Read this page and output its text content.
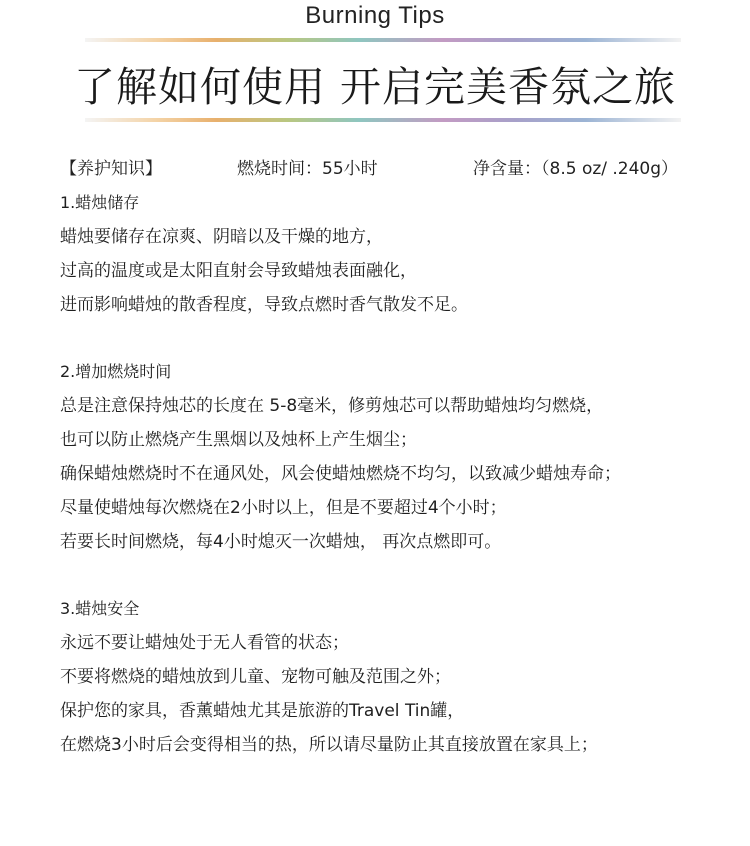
Burning Tips
了解如何使用 开启完美香氛之旅
【养护知识】	燃烧时间：55小时	净含量：（8.5 oz/ .240g）
1.蜡烛储存
蜡烛要储存在凉爽、阴暗以及干燥的地方，
过高的温度或是太阳直射会导致蜡烛表面融化，
进而影响蜡烛的散香程度，导致点燃时香气散发不足。
2.增加燃烧时间
总是注意保持烛芯的长度在 5-8毫米，修剪烛芯可以帮助蜡烛均匀燃烧，
也可以防止燃烧产生黑烟以及烛杯上产生烟尘；
确保蜡烛燃烧时不在通风处，风会使蜡烛燃烧不均匀，以致减少蜡烛寿命；
尽量使蜡烛每次燃烧在2小时以上，但是不要超过4个小时；
若要长时间燃烧，每4小时熄灭一次蜡烛， 再次点燃即可。
3.蜡烛安全
永远不要让蜡烛处于无人看管的状态；
不要将燃烧的蜡烛放到儿童、宠物可触及范围之外；
保护您的家具，香薰蜡烛尤其是旅游的Travel Tin罐，
在燃烧3小时后会变得相当的热，所以请尽量防止其直接放置在家具上；
